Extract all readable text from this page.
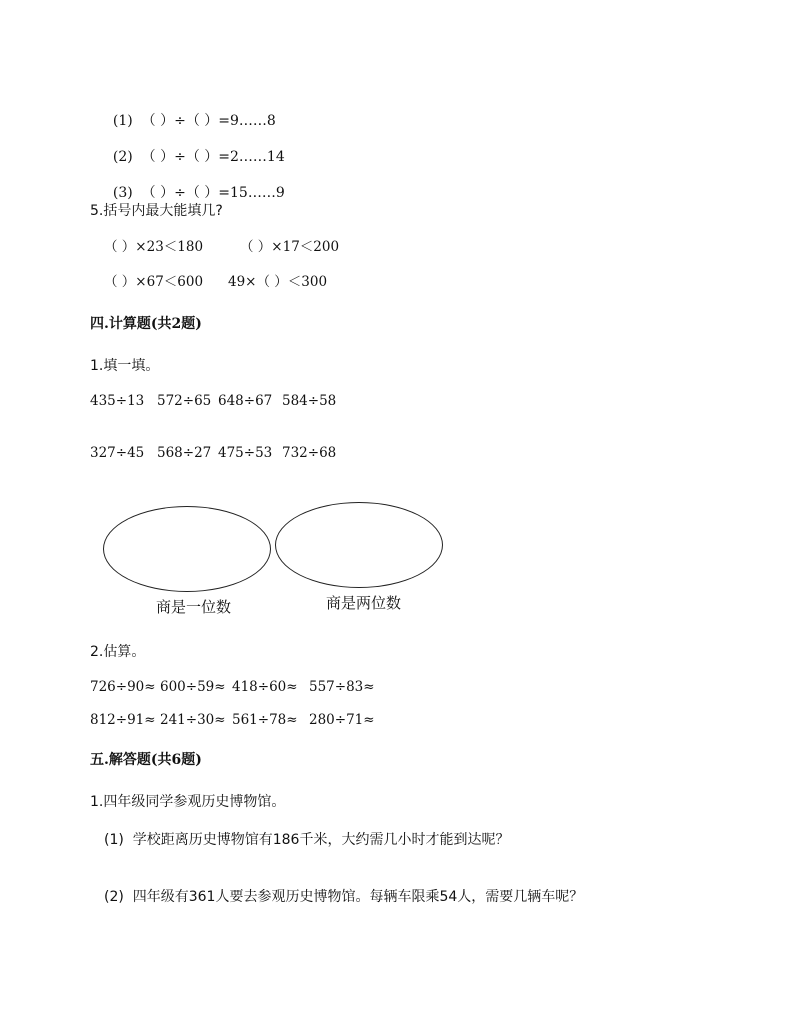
(1) （ ）÷（ ）=9……8

(2) （ ）÷（ ）=2……14

(3) （ ）÷（ ）=15……9

5.括号内最大能填几?
（ ）×23＜180	（ ）×17＜200
（ ）×67＜600 49×（ ）＜300
四.计算题(共2题)
1.填一填。
435÷13 572÷65 648÷67 584÷58
327÷45 568÷27 475÷53 732÷68
商是一位数	商是两位数
2.估算。
726÷90≈ 600÷59≈ 418÷60≈ 557÷83≈
812÷91≈ 241÷30≈ 561÷78≈ 280÷71≈
五.解答题(共6题)
1.四年级同学参观历史博物馆。
(1)  学校距离历史博物馆有186千米，大约需几小时才能到达呢？
(2)  四年级有361人要去参观历史博物馆。每辆车限乘54人，需要几辆车呢？
